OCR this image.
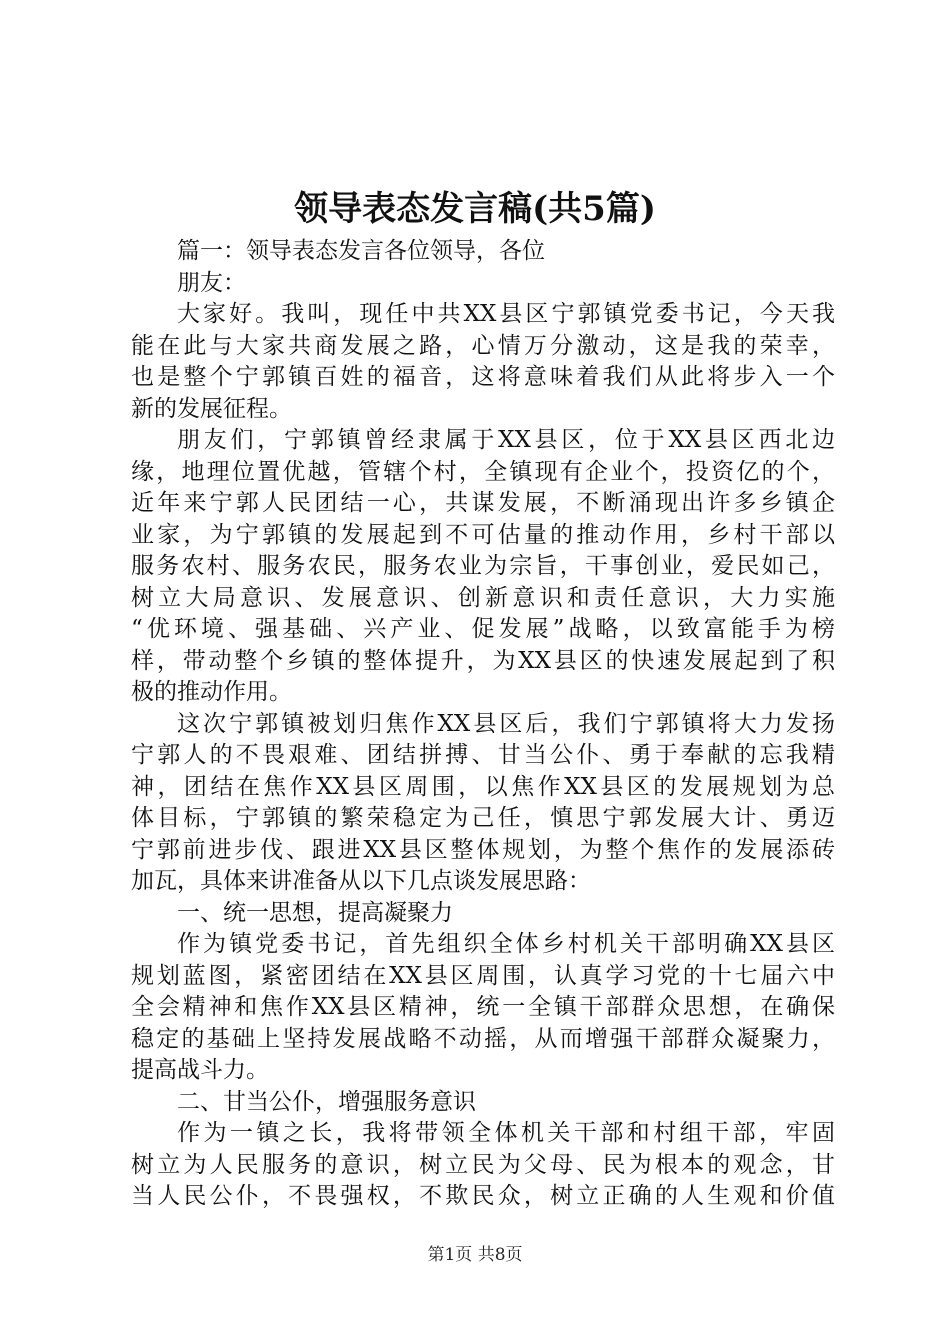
领导表态发言稿(共5篇)
篇一：领导表态发言各位领导，各位
朋友：
大家好。我叫，现任中共XX县区宁郭镇党委书记，今天我
能在此与大家共商发展之路，心情万分激动，这是我的荣幸，
也是整个宁郭镇百姓的福音，这将意味着我们从此将步入一个
新的发展征程。
朋友们，宁郭镇曾经隶属于XX县区，位于XX县区西北边
缘，地理位置优越，管辖个村，全镇现有企业个，投资亿的个，
近年来宁郭人民团结一心，共谋发展，不断涌现出许多乡镇企
业家，为宁郭镇的发展起到不可估量的推动作用，乡村干部以
服务农村、服务农民，服务农业为宗旨，干事创业，爱民如己，
树立大局意识、发展意识、创新意识和责任意识，大力实施
“优环境、强基础、兴产业、促发展”战略，以致富能手为榜
样，带动整个乡镇的整体提升，为XX县区的快速发展起到了积
极的推动作用。
这次宁郭镇被划归焦作XX县区后，我们宁郭镇将大力发扬
宁郭人的不畏艰难、团结拼搏、甘当公仆、勇于奉献的忘我精
神，团结在焦作XX县区周围，以焦作XX县区的发展规划为总
体目标，宁郭镇的繁荣稳定为己任，慎思宁郭发展大计、勇迈
宁郭前进步伐、跟进XX县区整体规划，为整个焦作的发展添砖
加瓦，具体来讲准备从以下几点谈发展思路：
一、统一思想，提高凝聚力
作为镇党委书记，首先组织全体乡村机关干部明确XX县区
规划蓝图，紧密团结在XX县区周围，认真学习党的十七届六中
全会精神和焦作XX县区精神，统一全镇干部群众思想，在确保
稳定的基础上坚持发展战略不动摇，从而增强干部群众凝聚力，
提高战斗力。
二、甘当公仆，增强服务意识
作为一镇之长，我将带领全体机关干部和村组干部，牢固
树立为人民服务的意识，树立民为父母、民为根本的观念，甘
当人民公仆，不畏强权，不欺民众，树立正确的人生观和价值
第1页 共8页
